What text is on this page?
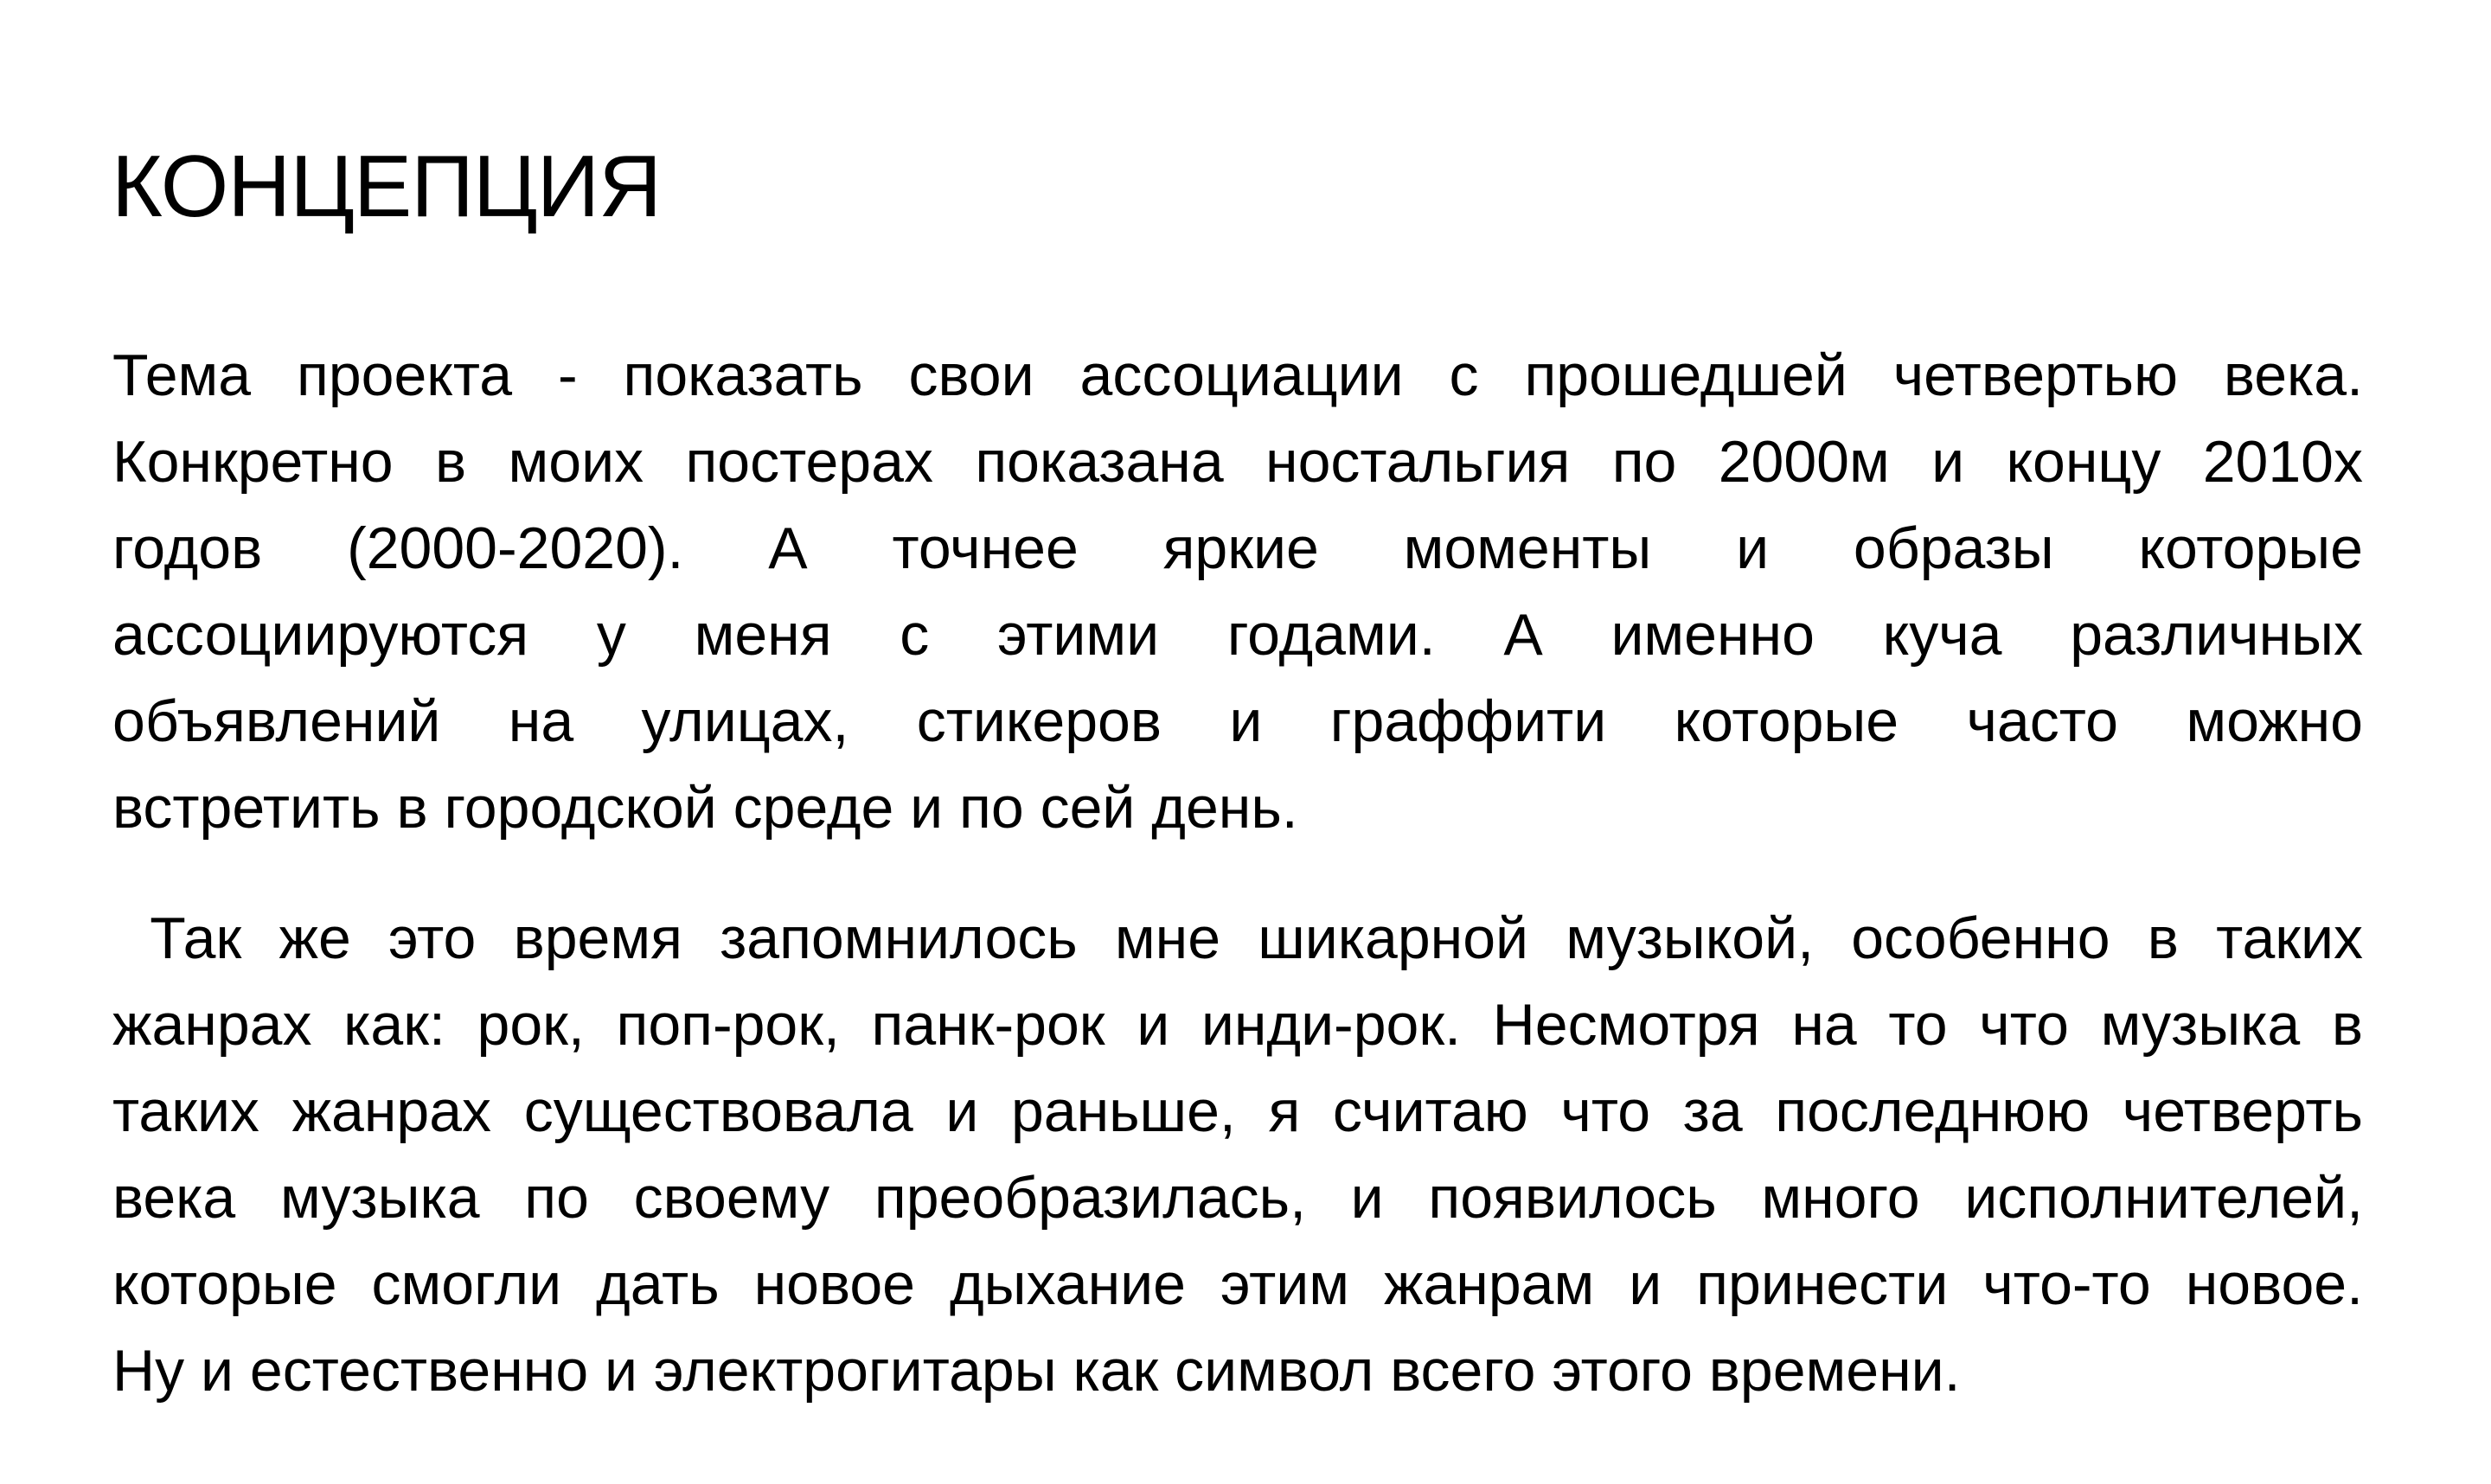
КОНЦЕПЦИЯ
Тема проекта - показать свои ассоциации с прошедшей четвертью века.
Конкретно в моих постерах показана ностальгия по 2000м и концу 2010х
годов (2000-2020). А точнее яркие моменты и образы которые
ассоциируются у меня с этими годами. А именно куча различных
объявлений на улицах, стикеров и граффити которые часто можно
встретить в городской среде и по сей день.
Так же это время запомнилось мне шикарной музыкой, особенно в таких
жанрах как: рок, поп-рок, панк-рок и инди-рок. Несмотря на то что музыка в
таких жанрах существовала и раньше, я считаю что за последнюю четверть
века музыка по своему преобразилась, и появилось много исполнителей,
которые смогли дать новое дыхание этим жанрам и принести что-то новое.
Ну и естественно и электрогитары как символ всего этого времени.
